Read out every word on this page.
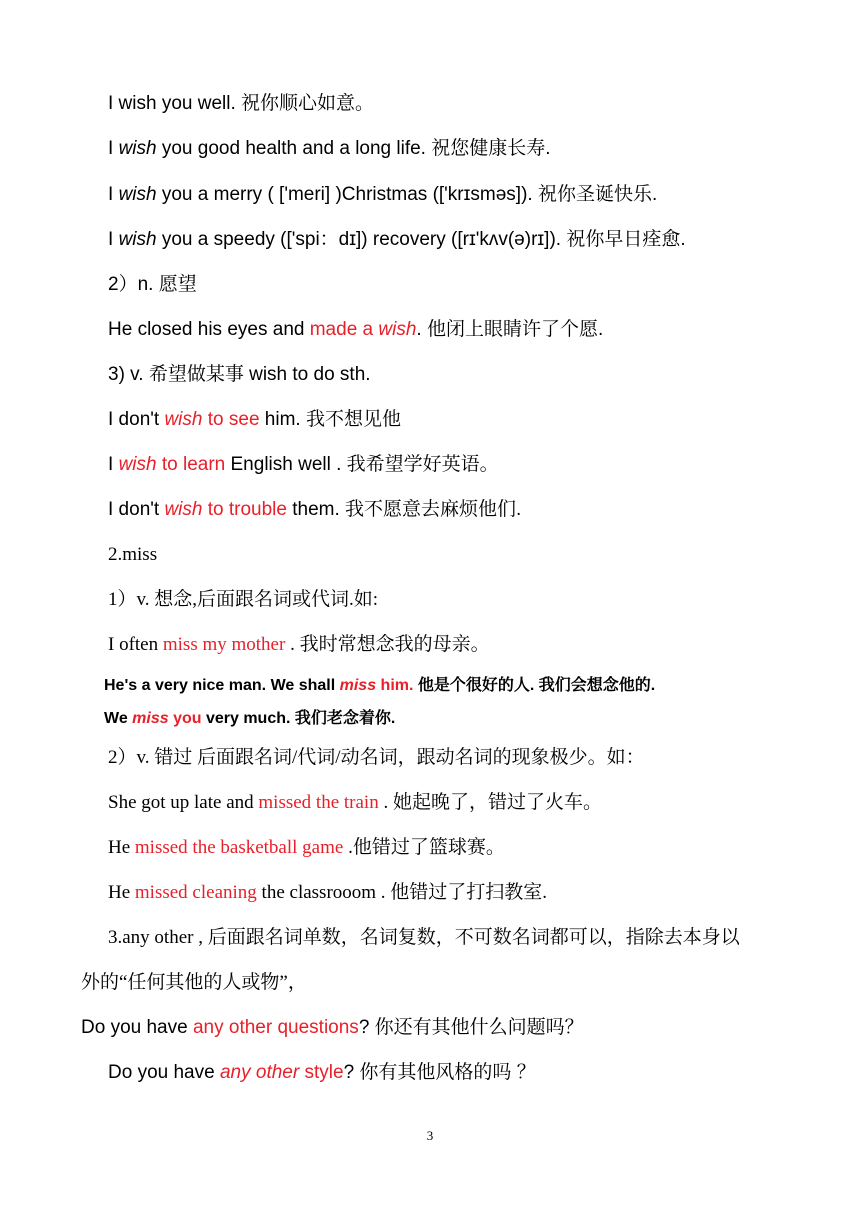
I wish you well. 祝你顺心如意。
I wish you good health and a long life. 祝您健康长寿.
I wish you a merry ( ['meri] )Christmas (['krɪsməs]). 祝你圣诞快乐.
I wish you a speedy (['spi：dɪ]) recovery ([rɪ'kʌv(ə)rɪ]). 祝你早日痊愈.
2）n. 愿望
He closed his eyes and made a wish. 他闭上眼睛许了个愿.
3) v. 希望做某事 wish to do sth.
I don't wish to see him. 我不想见他
I wish to learn English well . 我希望学好英语。
I don't wish to trouble them. 我不愿意去麻烦他们.
2.miss
1）v. 想念,后面跟名词或代词.如:
I often miss my mother . 我时常想念我的母亲。
He's a very nice man. We shall miss him. 他是个很好的人. 我们会想念他的.
We miss you very much. 我们老念着你.
2）v. 错过 后面跟名词/代词/动名词，跟动名词的现象极少。如：
She got up late and missed the train . 她起晚了，错过了火车。
He missed the basketball game .他错过了篮球赛。
He missed cleaning the classrooom . 他错过了打扫教室.
3.any other , 后面跟名词单数，名词复数，不可数名词都可以，指除去本身以
外的“任何其他的人或物”，
Do you have any other questions? 你还有其他什么问题吗？
Do you have any other style? 你有其他风格的吗 ？
3
